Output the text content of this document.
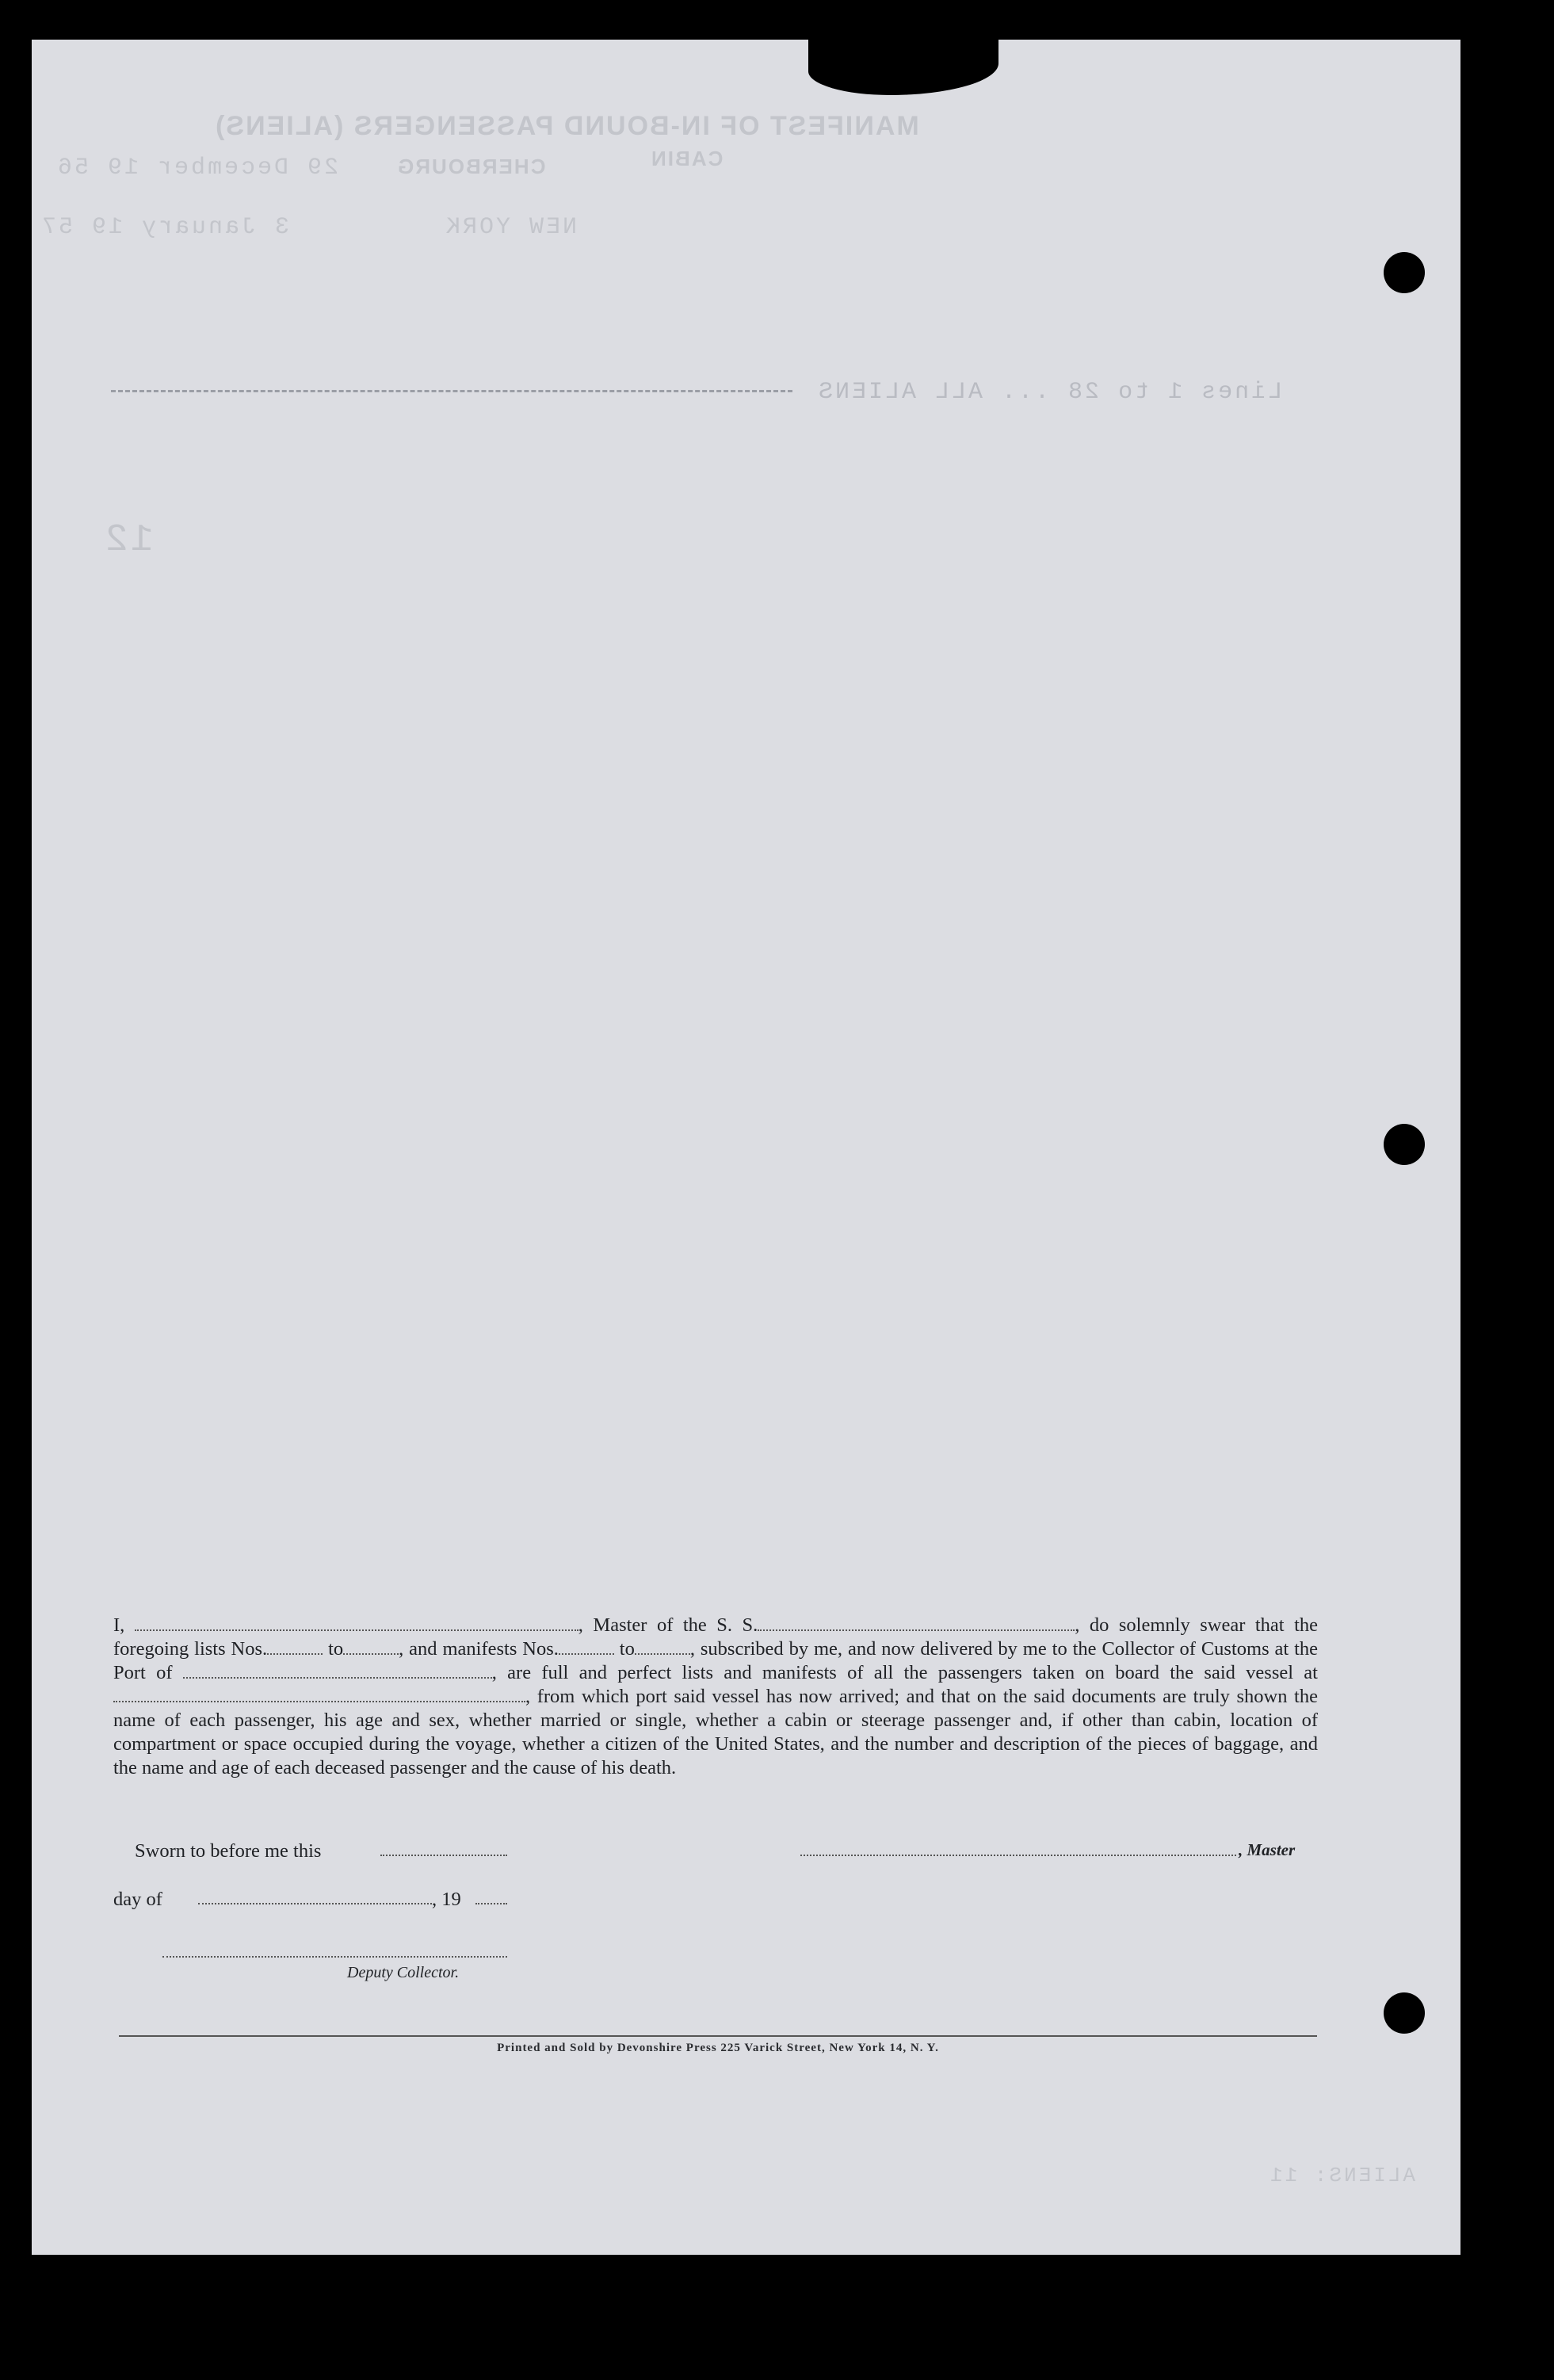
MANIFEST OF IN-BOUND PASSENGERS (ALIENS)
CABIN
CHERBOURG
29 December 19 56
NEW YORK
3 January 19 57
Lines 1 to 28 ... ALL ALIENS
12
ALIENS: 11

I,	, Master of the S. S.	, do solemnly swear that the foregoing lists Nos.	to	, and manifests Nos.	to	, subscribed by me, and now delivered by me to the Collector of Customs at the Port of	, are full and perfect lists and manifests of all the passengers taken on board the said vessel at , from which port said vessel has now arrived; and that on the said documents are truly shown the name of each passenger, his age and sex, whether married or single, whether a cabin or steerage passenger and, if other than cabin, location of compartment or space occupied during the voyage, whether a citizen of the United States, and the number and description of the pieces of baggage, and the name and age of each deceased passenger and the cause of his death.

Sworn to before me this	, Master
day of	, 19
Deputy Collector.
Printed and Sold by Devonshire Press 225 Varick Street, New York 14, N. Y.
